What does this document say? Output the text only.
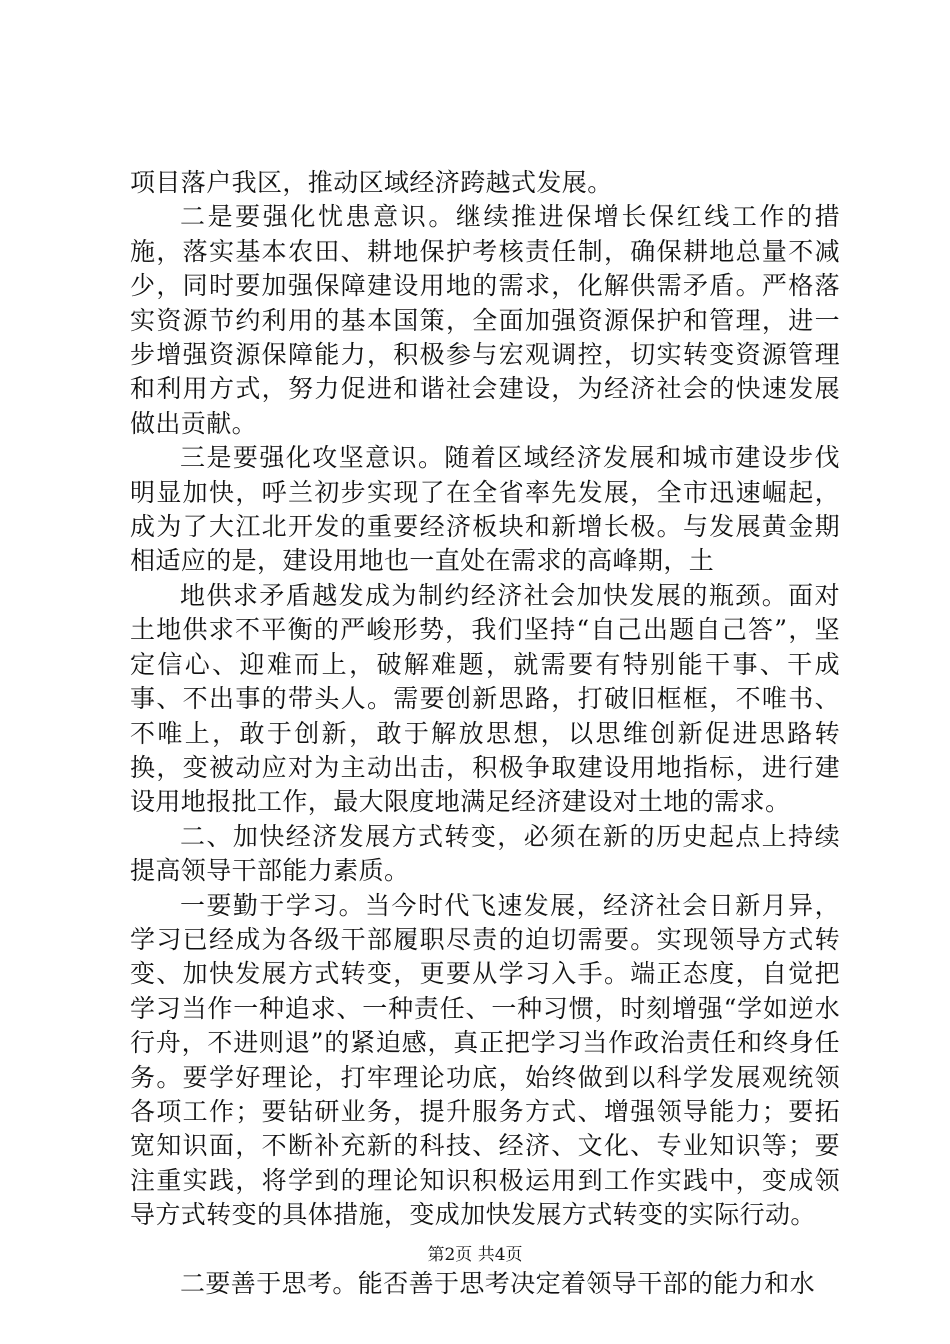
项目落户我区，推动区域经济跨越式发展。

二是要强化忧患意识。继续推进保增长保红线工作的措施，落实基本农田、耕地保护考核责任制，确保耕地总量不减少，同时要加强保障建设用地的需求，化解供需矛盾。严格落实资源节约利用的基本国策，全面加强资源保护和管理，进一步增强资源保障能力，积极参与宏观调控，切实转变资源管理和利用方式，努力促进和谐社会建设，为经济社会的快速发展做出贡献。

三是要强化攻坚意识。随着区域经济发展和城市建设步伐明显加快，呼兰初步实现了在全省率先发展，全市迅速崛起，成为了大江北开发的重要经济板块和新增长极。与发展黄金期相适应的是，建设用地也一直处在需求的高峰期，土

地供求矛盾越发成为制约经济社会加快发展的瓶颈。面对土地供求不平衡的严峻形势，我们坚持“自己出题自己答”，坚定信心、迎难而上，破解难题，就需要有特别能干事、干成事、不出事的带头人。需要创新思路，打破旧框框，不唯书、不唯上，敢于创新，敢于解放思想，以思维创新促进思路转换，变被动应对为主动出击，积极争取建设用地指标，进行建设用地报批工作，最大限度地满足经济建设对土地的需求。

二、加快经济发展方式转变，必须在新的历史起点上持续提高领导干部能力素质。

一要勤于学习。当今时代飞速发展，经济社会日新月异，学习已经成为各级干部履职尽责的迫切需要。实现领导方式转变、加快发展方式转变，更要从学习入手。端正态度，自觉把学习当作一种追求、一种责任、一种习惯，时刻增强“学如逆水行舟，不进则退”的紧迫感，真正把学习当作政治责任和终身任务。要学好理论，打牢理论功底，始终做到以科学发展观统领各项工作；要钻研业务，提升服务方式、增强领导能力；要拓宽知识面，不断补充新的科技、经济、文化、专业知识等；要注重实践，将学到的理论知识积极运用到工作实践中，变成领导方式转变的具体措施，变成加快发展方式转变的实际行动。

二要善于思考。能否善于思考决定着领导干部的能力和水

第2页 共4页
